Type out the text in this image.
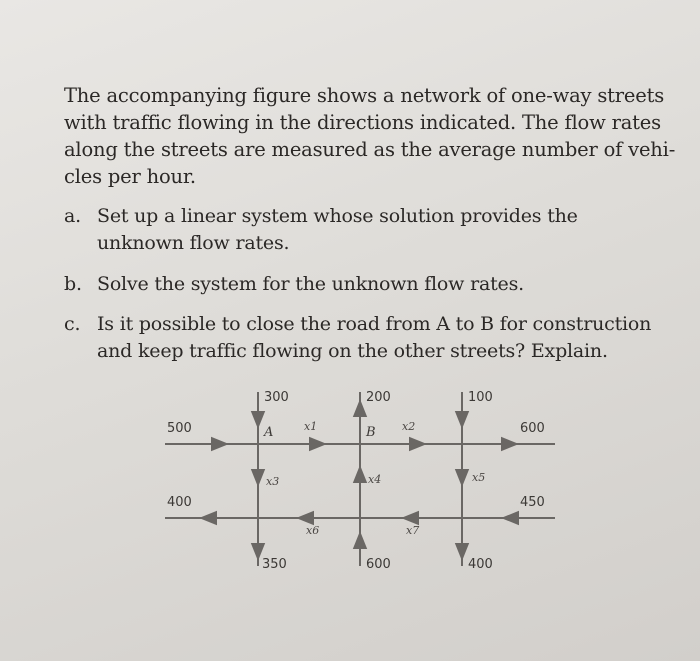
The accompanying figure shows a network of one-way streets
with traffic flowing in the directions indicated. The flow rates
along the streets are measured as the average number of vehi-
cles per hour.
a. Set up a linear system whose solution provides the
unknown flow rates.
b. Solve the system for the unknown flow rates.
c. Is it possible to close the road from A to B for construction
and keep traffic flowing on the other streets? Explain.
300	200	100
500
400
600
450
350	600	400
A	B
x1	x2
x3	x4	x5
x6	x7
